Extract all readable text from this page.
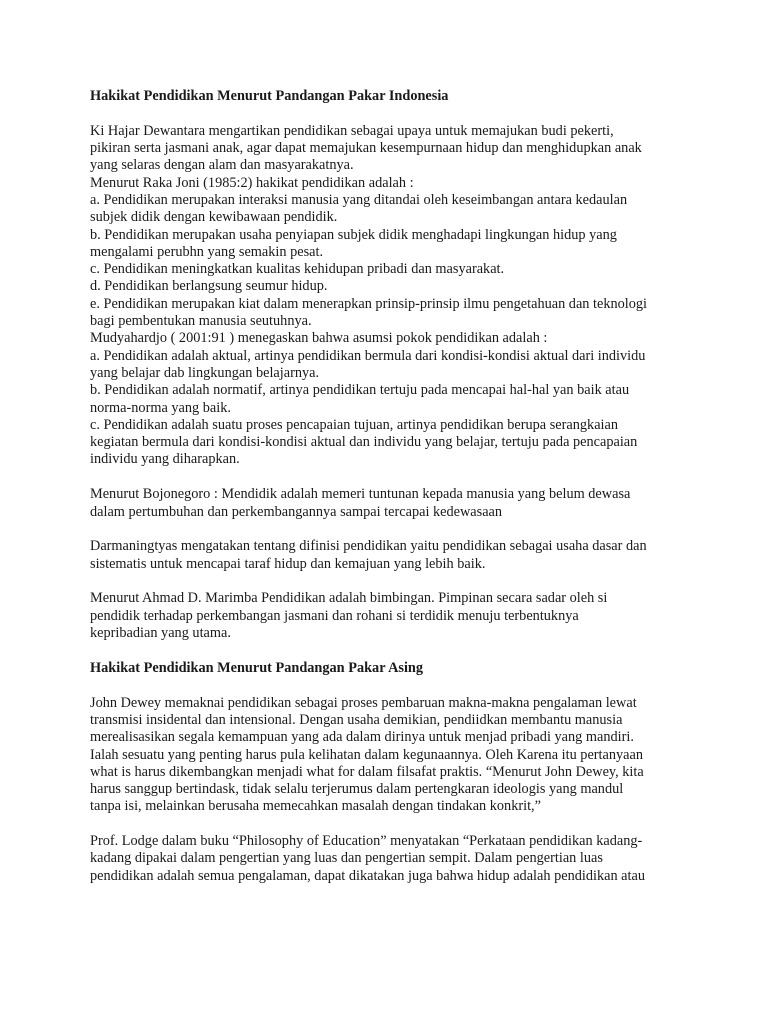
Hakikat Pendidikan Menurut Pandangan Pakar Indonesia

Ki Hajar Dewantara mengartikan pendidikan sebagai upaya untuk memajukan budi pekerti,
pikiran serta jasmani anak, agar dapat memajukan kesempurnaan hidup dan menghidupkan anak
yang selaras dengan alam dan masyarakatnya.
Menurut Raka Joni (1985:2) hakikat pendidikan adalah :
a. Pendidikan merupakan interaksi manusia yang ditandai oleh keseimbangan antara kedaulan
subjek didik dengan kewibawaan pendidik.
b. Pendidikan merupakan usaha penyiapan subjek didik menghadapi lingkungan hidup yang
mengalami perubhn yang semakin pesat.
c. Pendidikan meningkatkan kualitas kehidupan pribadi dan masyarakat.
d. Pendidikan berlangsung seumur hidup.
e. Pendidikan merupakan kiat dalam menerapkan prinsip-prinsip ilmu pengetahuan dan teknologi
bagi pembentukan manusia seutuhnya.
Mudyahardjo ( 2001:91 ) menegaskan bahwa asumsi pokok pendidikan adalah :
a. Pendidikan adalah aktual, artinya pendidikan bermula dari kondisi-kondisi aktual dari individu
yang belajar dab lingkungan belajarnya.
b. Pendidikan adalah normatif, artinya pendidikan tertuju pada mencapai hal-hal yan baik atau
norma-norma yang baik.
c. Pendidikan adalah suatu proses pencapaian tujuan, artinya pendidikan berupa serangkaian
kegiatan bermula dari kondisi-kondisi aktual dan individu yang belajar, tertuju pada pencapaian
individu yang diharapkan.
Menurut Bojonegoro : Mendidik adalah memeri tuntunan kepada manusia yang belum dewasa
dalam pertumbuhan dan perkembangannya sampai tercapai kedewasaan
Darmaningtyas mengatakan tentang difinisi pendidikan yaitu pendidikan sebagai usaha dasar dan
sistematis untuk mencapai taraf hidup dan kemajuan yang lebih baik.
Menurut Ahmad D. Marimba Pendidikan adalah bimbingan. Pimpinan secara sadar oleh si
pendidik terhadap perkembangan jasmani dan rohani si terdidik menuju terbentuknya
kepribadian yang utama.

Hakikat Pendidikan Menurut Pandangan Pakar Asing

John Dewey memaknai pendidikan sebagai proses pembaruan makna-makna pengalaman lewat
transmisi insidental dan intensional. Dengan usaha demikian, pendiidkan membantu manusia
merealisasikan segala kemampuan yang ada dalam dirinya untuk menjad pribadi yang mandiri.
Ialah sesuatu yang penting harus pula kelihatan dalam kegunaannya. Oleh Karena itu pertanyaan
what is harus dikembangkan menjadi what for dalam filsafat praktis. “Menurut John Dewey, kita
harus sanggup bertindask, tidak selalu terjerumus dalam pertengkaran ideologis yang mandul
tanpa isi, melainkan berusaha memecahkan masalah dengan tindakan konkrit,”
Prof. Lodge dalam buku “Philosophy of Education” menyatakan “Perkataan pendidikan kadang-
kadang dipakai dalam pengertian yang luas dan pengertian sempit. Dalam pengertian luas
pendidikan adalah semua pengalaman, dapat dikatakan juga bahwa hidup adalah pendidikan atau
